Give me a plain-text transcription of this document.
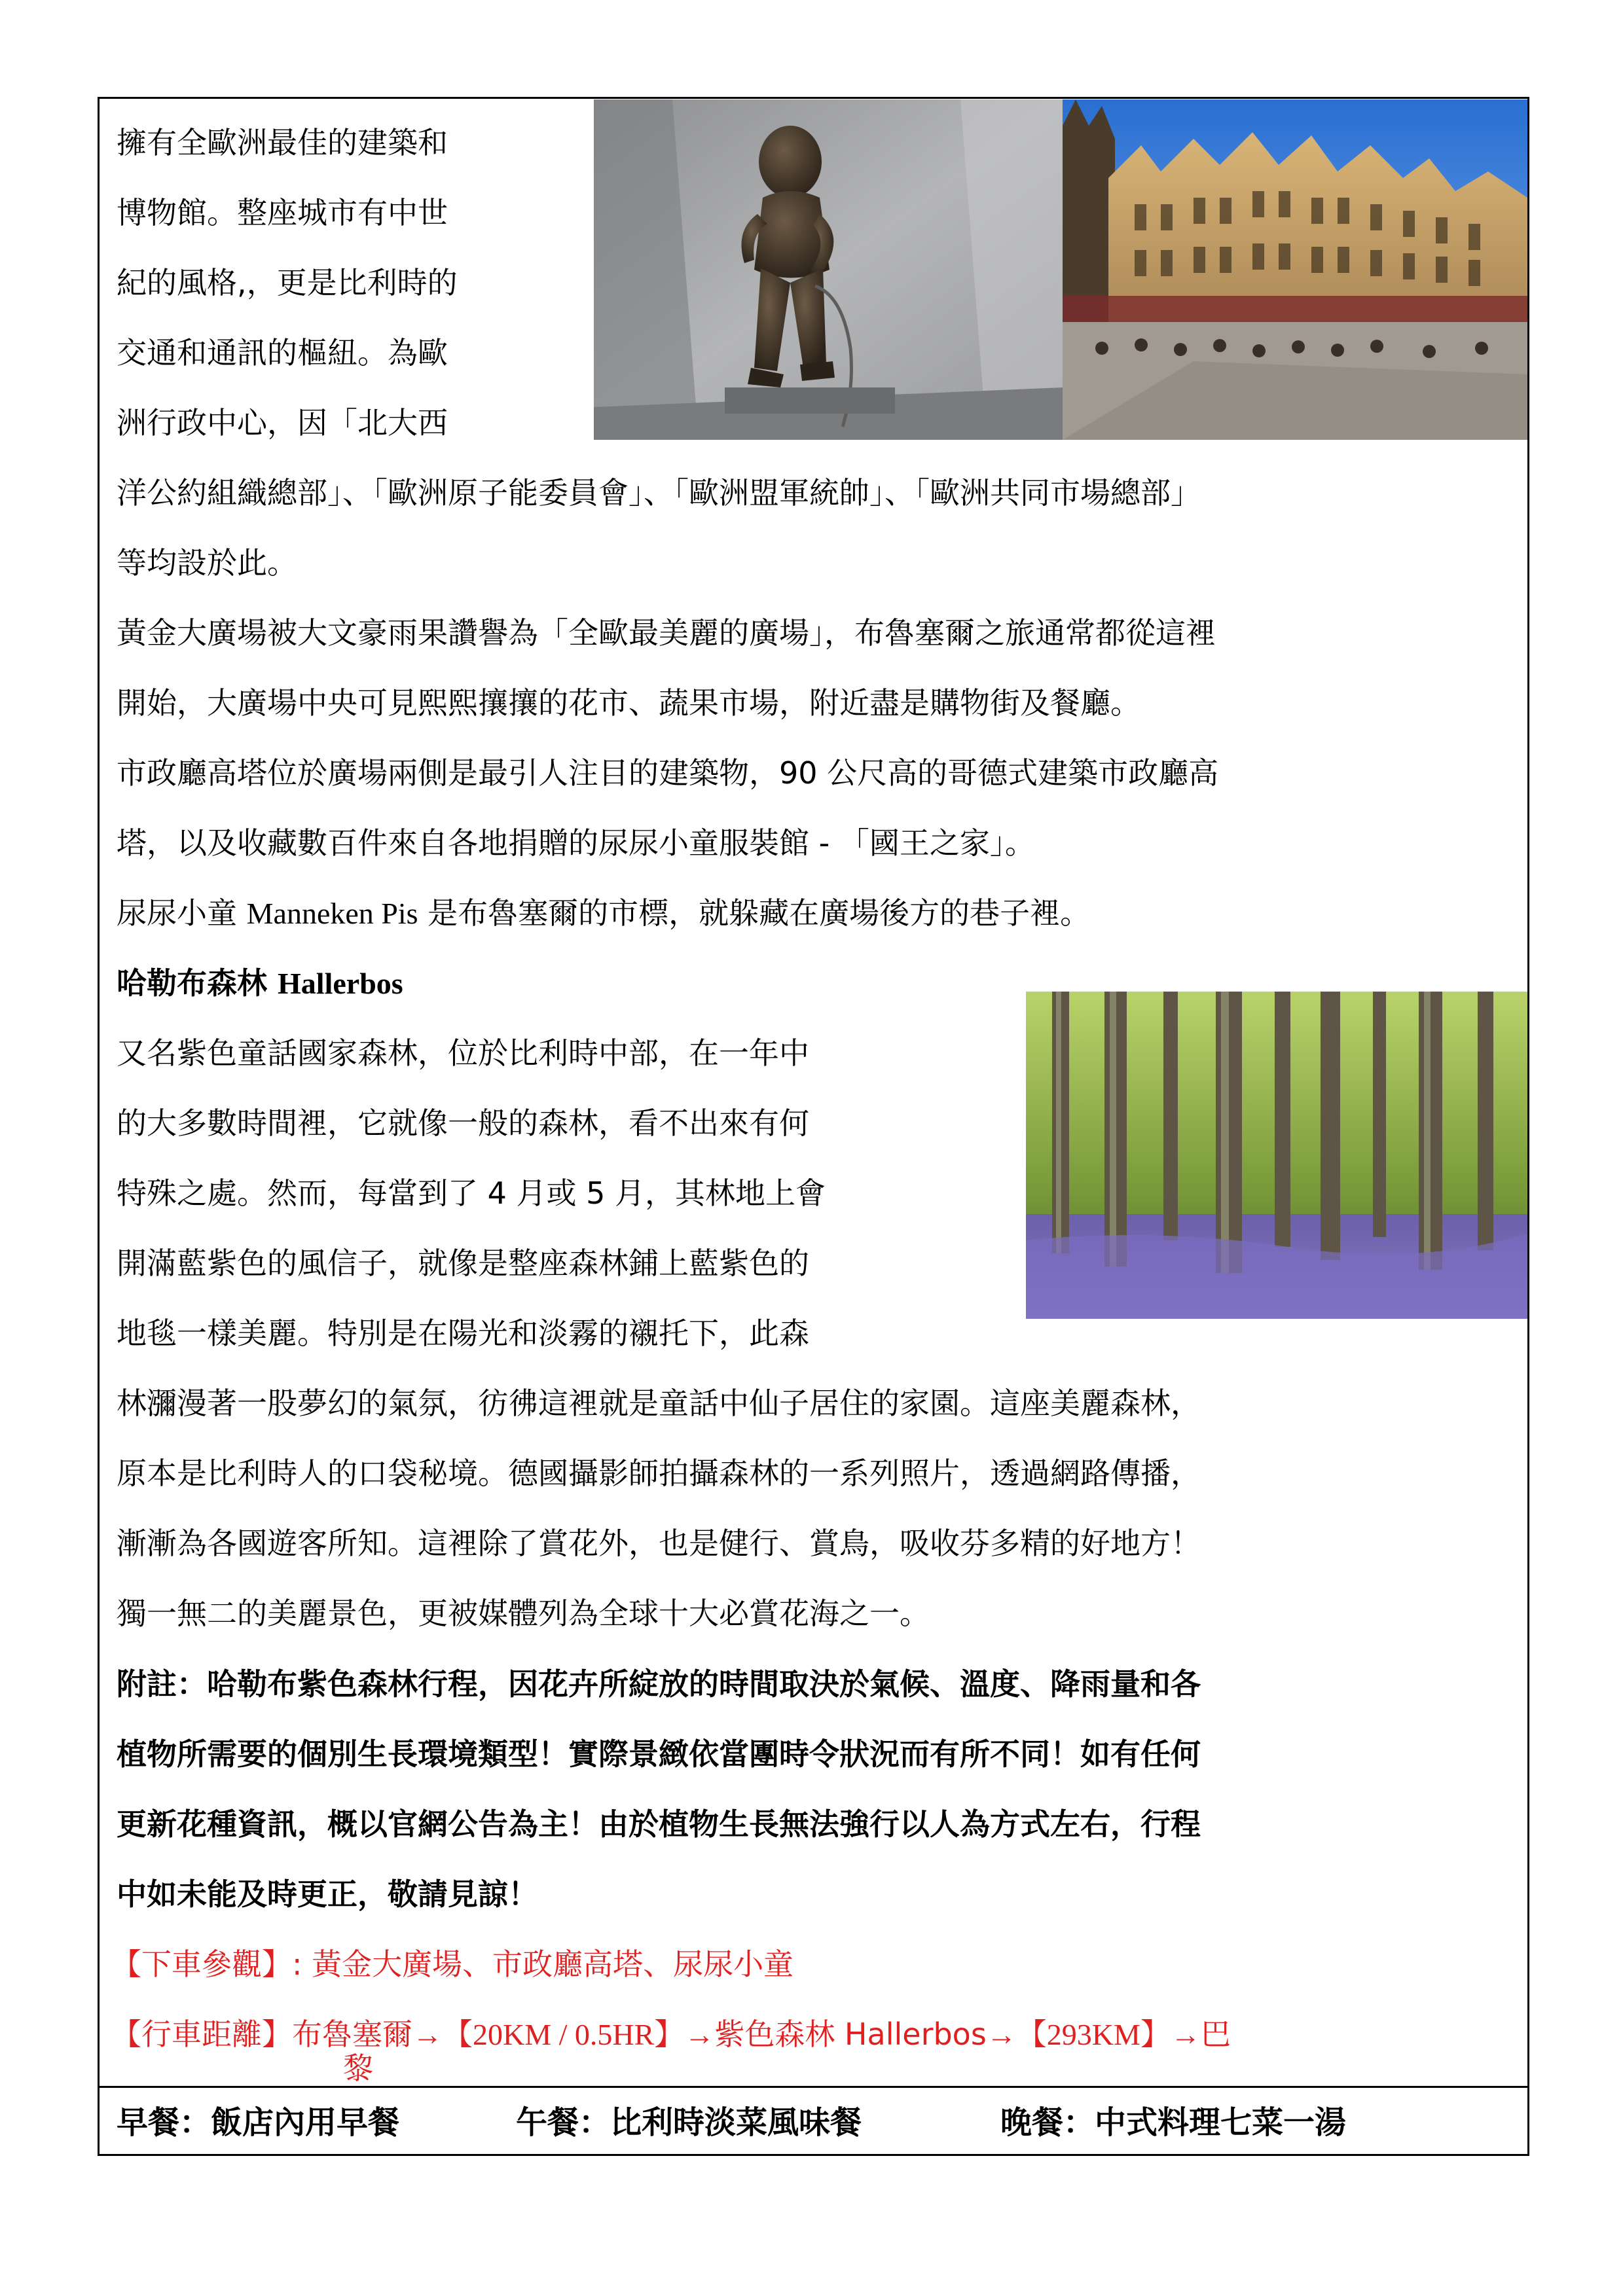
擁有全歐洲最佳的建築和
博物館。整座城市有中世
紀的風格,，更是比利時的
交通和通訊的樞紐。為歐
洲行政中心，因「北大西
洋公約組織總部」、「歐洲原子能委員會」、「歐洲盟軍統帥」、「歐洲共同市場總部」
等均設於此。
黃金大廣場被大文豪雨果讚譽為「全歐最美麗的廣場」，布魯塞爾之旅通常都從這裡
開始，大廣場中央可見熙熙攘攘的花市、蔬果市場，附近盡是購物街及餐廳。
市政廳高塔位於廣場兩側是最引人注目的建築物，90 公尺高的哥德式建築市政廳高
塔，以及收藏數百件來自各地捐贈的尿尿小童服裝館 - 「國王之家」。
尿尿小童 Manneken Pis 是布魯塞爾的市標，就躲藏在廣場後方的巷子裡。
哈勒布森林 Hallerbos
又名紫色童話國家森林，位於比利時中部，在一年中
的大多數時間裡，它就像一般的森林，看不出來有何
特殊之處。然而，每當到了 4 月或 5 月，其林地上會
開滿藍紫色的風信子，就像是整座森林鋪上藍紫色的
地毯一樣美麗。特別是在陽光和淡霧的襯托下，此森
林瀰漫著一股夢幻的氣氛，彷彿這裡就是童話中仙子居住的家園。這座美麗森林，
原本是比利時人的口袋秘境。德國攝影師拍攝森林的一系列照片，透過網路傳播，
漸漸為各國遊客所知。這裡除了賞花外，也是健行、賞鳥，吸收芬多精的好地方！
獨一無二的美麗景色，更被媒體列為全球十大必賞花海之一。
附註：哈勒布紫色森林行程，因花卉所綻放的時間取決於氣候、溫度、降雨量和各
植物所需要的個別生長環境類型！實際景緻依當團時令狀況而有所不同！如有任何
更新花種資訊，概以官網公告為主！由於植物生長無法強行以人為方式左右，行程
中如未能及時更正，敬請見諒！
【下車參觀】: 黃金大廣場、市政廳高塔、尿尿小童
【行車距離】布魯塞爾→【20KM / 0.5HR】→紫色森林 Hallerbos→【293KM】→巴
黎
早餐：飯店內用早餐	午餐：比利時淡菜風味餐	晚餐：中式料理七菜一湯
